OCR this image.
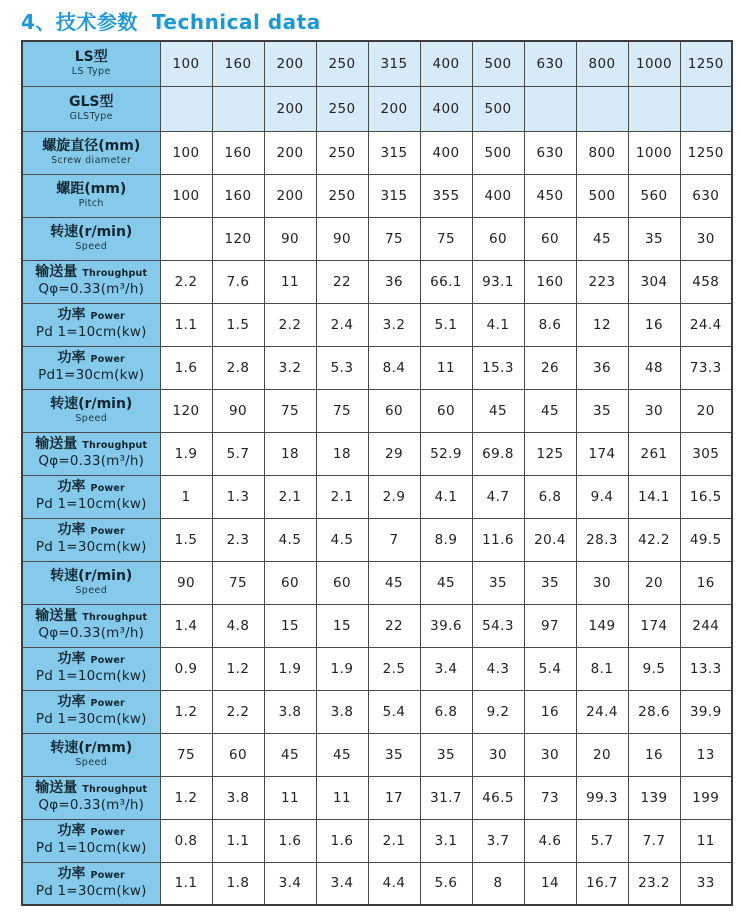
4、技术参数 Technical data
LS型
LS Type	100	160	200	250	315	400	500	630	800	1000	1250

GLS型
GLSType			200	250	200	400	500				

螺旋直径(mm)
Screw diameter	100	160	200	250	315	400	500	630	800	1000	1250

螺距(mm)
Pitch	100	160	200	250	315	355	400	450	500	560	630

转速(r/min)
Speed		120	90	90	75	75	60	60	45	35	30

输送量 Throughput
Qφ=0.33(m³/h)	2.2	7.6	11	22	36	66.1	93.1	160	223	304	458

功率 Power
Pd 1=10cm(kw)	1.1	1.5	2.2	2.4	3.2	5.1	4.1	8.6	12	16	24.4

功率 Power
Pd1=30cm(kw)	1.6	2.8	3.2	5.3	8.4	11	15.3	26	36	48	73.3

转速(r/min)
Speed	120	90	75	75	60	60	45	45	35	30	20

输送量 Throughput
Qφ=0.33(m³/h)	1.9	5.7	18	18	29	52.9	69.8	125	174	261	305

功率 Power
Pd 1=10cm(kw)	1	1.3	2.1	2.1	2.9	4.1	4.7	6.8	9.4	14.1	16.5

功率 Power
Pd 1=30cm(kw)	1.5	2.3	4.5	4.5	7	8.9	11.6	20.4	28.3	42.2	49.5

转速(r/min)
Speed	90	75	60	60	45	45	35	35	30	20	16

输送量 Throughput
Qφ=0.33(m³/h)	1.4	4.8	15	15	22	39.6	54.3	97	149	174	244

功率 Power
Pd 1=10cm(kw)	0.9	1.2	1.9	1.9	2.5	3.4	4.3	5.4	8.1	9.5	13.3

功率 Power
Pd 1=30cm(kw)	1.2	2.2	3.8	3.8	5.4	6.8	9.2	16	24.4	28.6	39.9

转速(r/mm)
Speed	75	60	45	45	35	35	30	30	20	16	13

输送量 Throughput
Qφ=0.33(m³/h)	1.2	3.8	11	11	17	31.7	46.5	73	99.3	139	199

功率 Power
Pd 1=10cm(kw)	0.8	1.1	1.6	1.6	2.1	3.1	3.7	4.6	5.7	7.7	11

功率 Power
Pd 1=30cm(kw)	1.1	1.8	3.4	3.4	4.4	5.6	8	14	16.7	23.2	33
